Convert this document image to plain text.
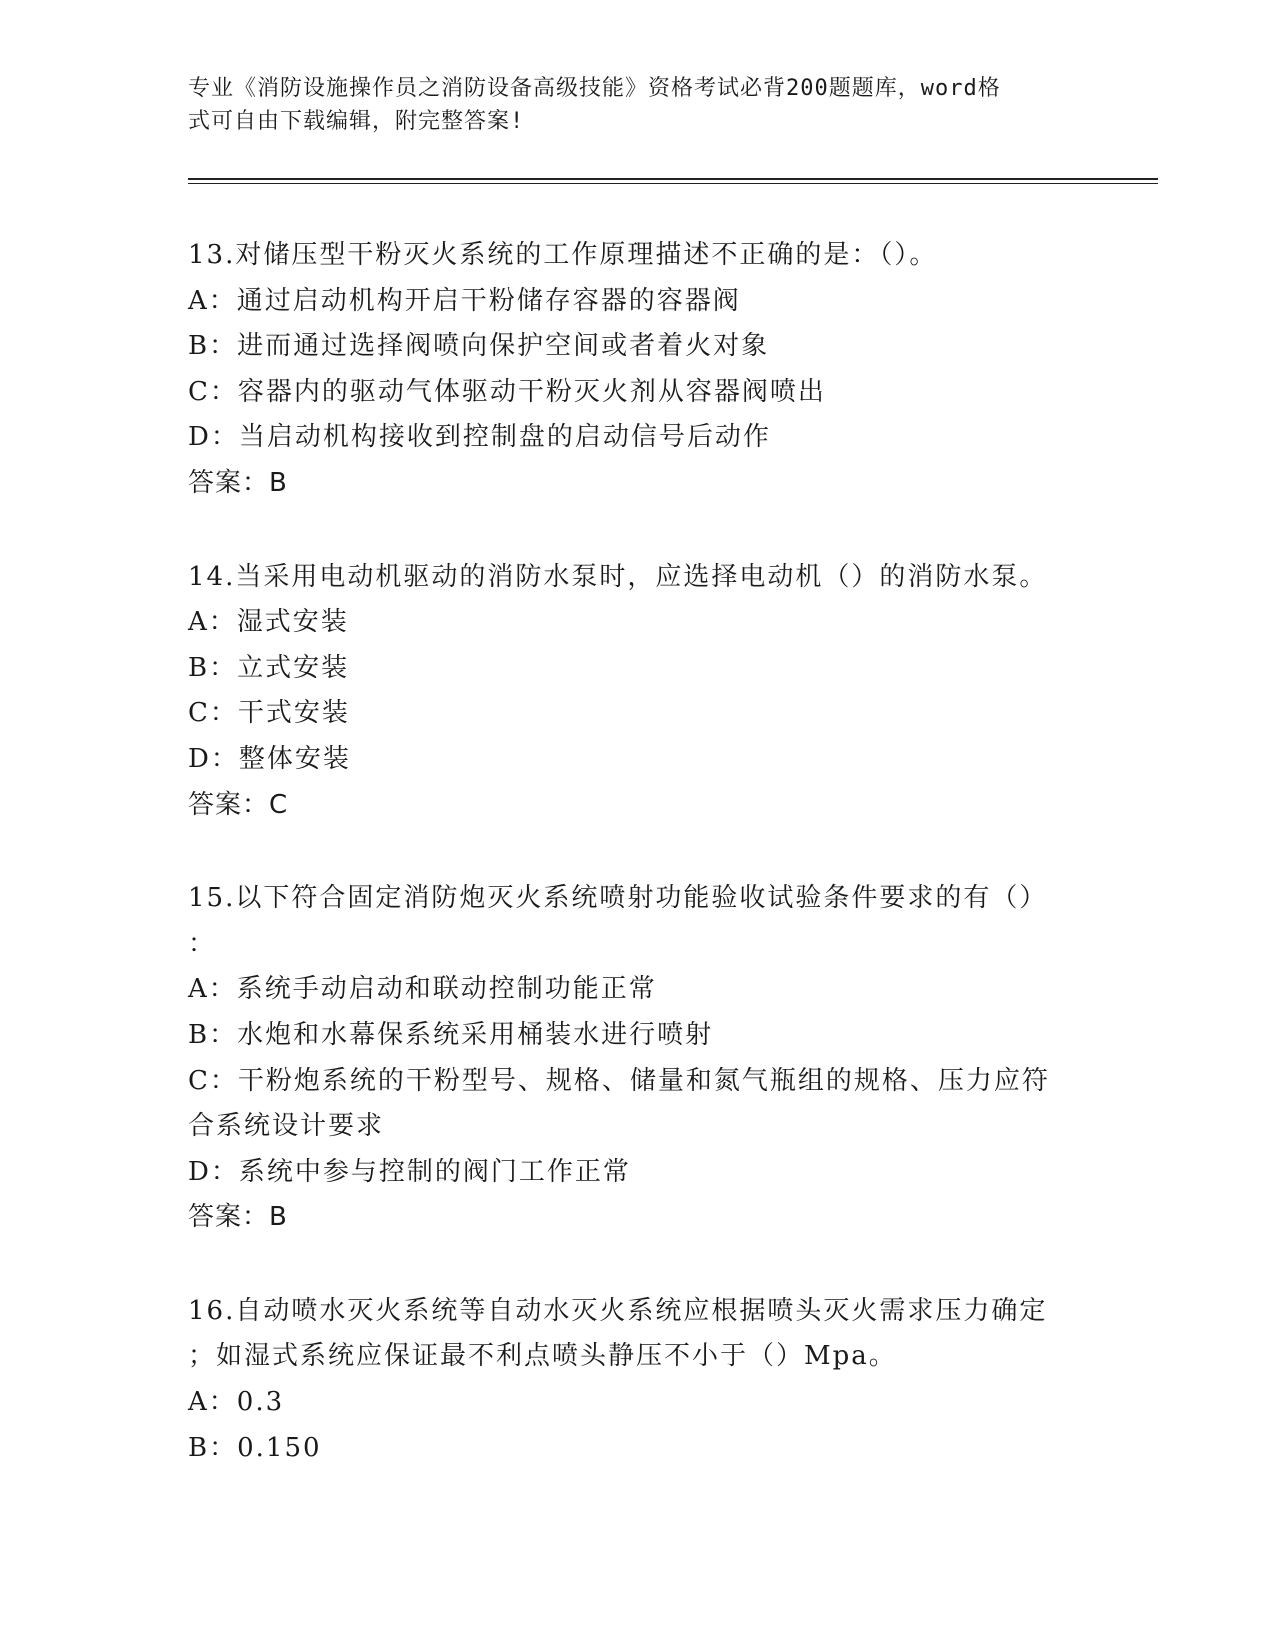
专业《消防设施操作员之消防设备高级技能》资格考试必背200题题库，word格
式可自由下载编辑，附完整答案!
13.对储压型干粉灭火系统的工作原理描述不正确的是：（）。
A：通过启动机构开启干粉储存容器的容器阀
B：进而通过选择阀喷向保护空间或者着火对象
C：容器内的驱动气体驱动干粉灭火剂从容器阀喷出
D：当启动机构接收到控制盘的启动信号后动作
答案：B
14.当采用电动机驱动的消防水泵时，应选择电动机（）的消防水泵。
A：湿式安装
B：立式安装
C：干式安装
D：整体安装
答案：C
15.以下符合固定消防炮灭火系统喷射功能验收试验条件要求的有（）
：
A：系统手动启动和联动控制功能正常
B：水炮和水幕保系统采用桶装水进行喷射
C：干粉炮系统的干粉型号、规格、储量和氮气瓶组的规格、压力应符
合系统设计要求
D：系统中参与控制的阀门工作正常
答案：B
16.自动喷水灭火系统等自动水灭火系统应根据喷头灭火需求压力确定
；如湿式系统应保证最不利点喷头静压不小于（）Mpa。
A：0.3
B：0.150
